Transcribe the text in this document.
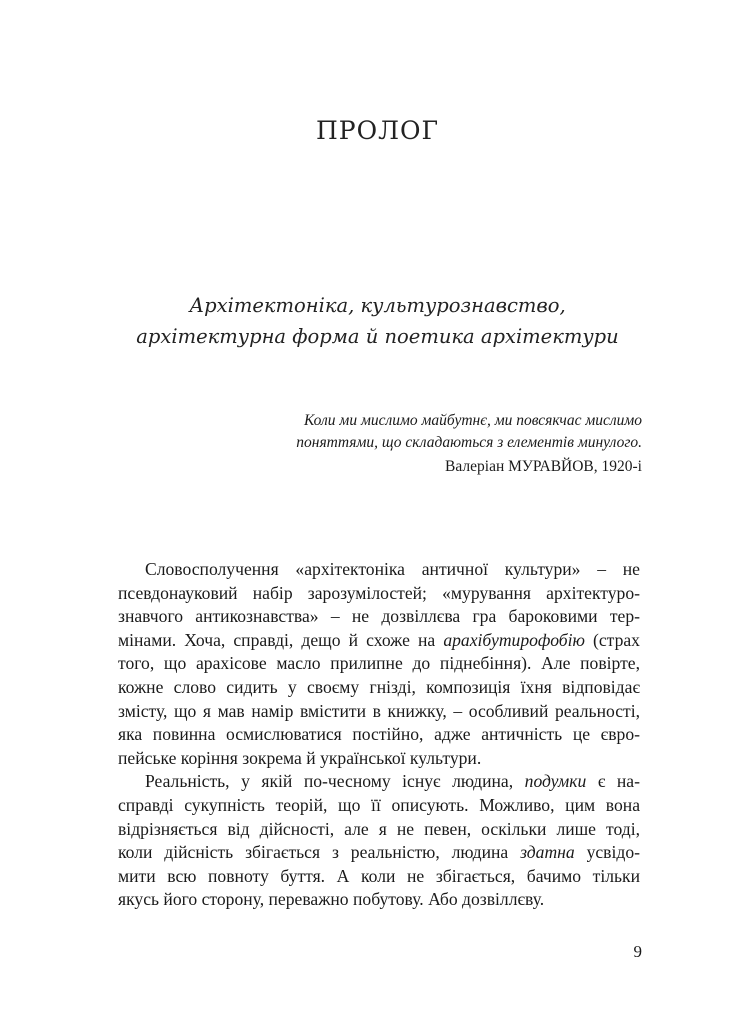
ПРОЛОГ
Архітектоніка, культурознавство,
архітектурна форма й поетика архітектури
Коли ми мислимо майбутнє, ми повсякчас мислимо
поняттями, що складаються з елементів минулого.
Валеріан МУРАВЙОВ, 1920-і
Словосполучення «архітектоніка античної культури» – не
псевдонауковий набір зарозумілостей; «мурування архітектуро-
знавчого антикознавства» – не дозвіллєва гра бароковими тер-
мінами. Хоча, справді, дещо й схоже на арахібутирофобію (страх
того, що арахісове масло прилипне до піднебіння). Але повірте,
кожне слово сидить у своєму гнізді, композиція їхня відповідає
змісту, що я мав намір вмістити в книжку, – особливий реальності,
яка повинна осмислюватися постійно, адже античність це євро-
пейське коріння зокрема й української культури.
Реальність, у якій по-чесному існує людина, подумки є на-
справді сукупність теорій, що її описують. Можливо, цим вона
відрізняється від дійсності, але я не певен, оскільки лише тоді,
коли дійсність збігається з реальністю, людина здатна усвідо-
мити всю повноту буття. А коли не збігається, бачимо тільки
якусь його сторону, переважно побутову. Або дозвіллєву.
9
